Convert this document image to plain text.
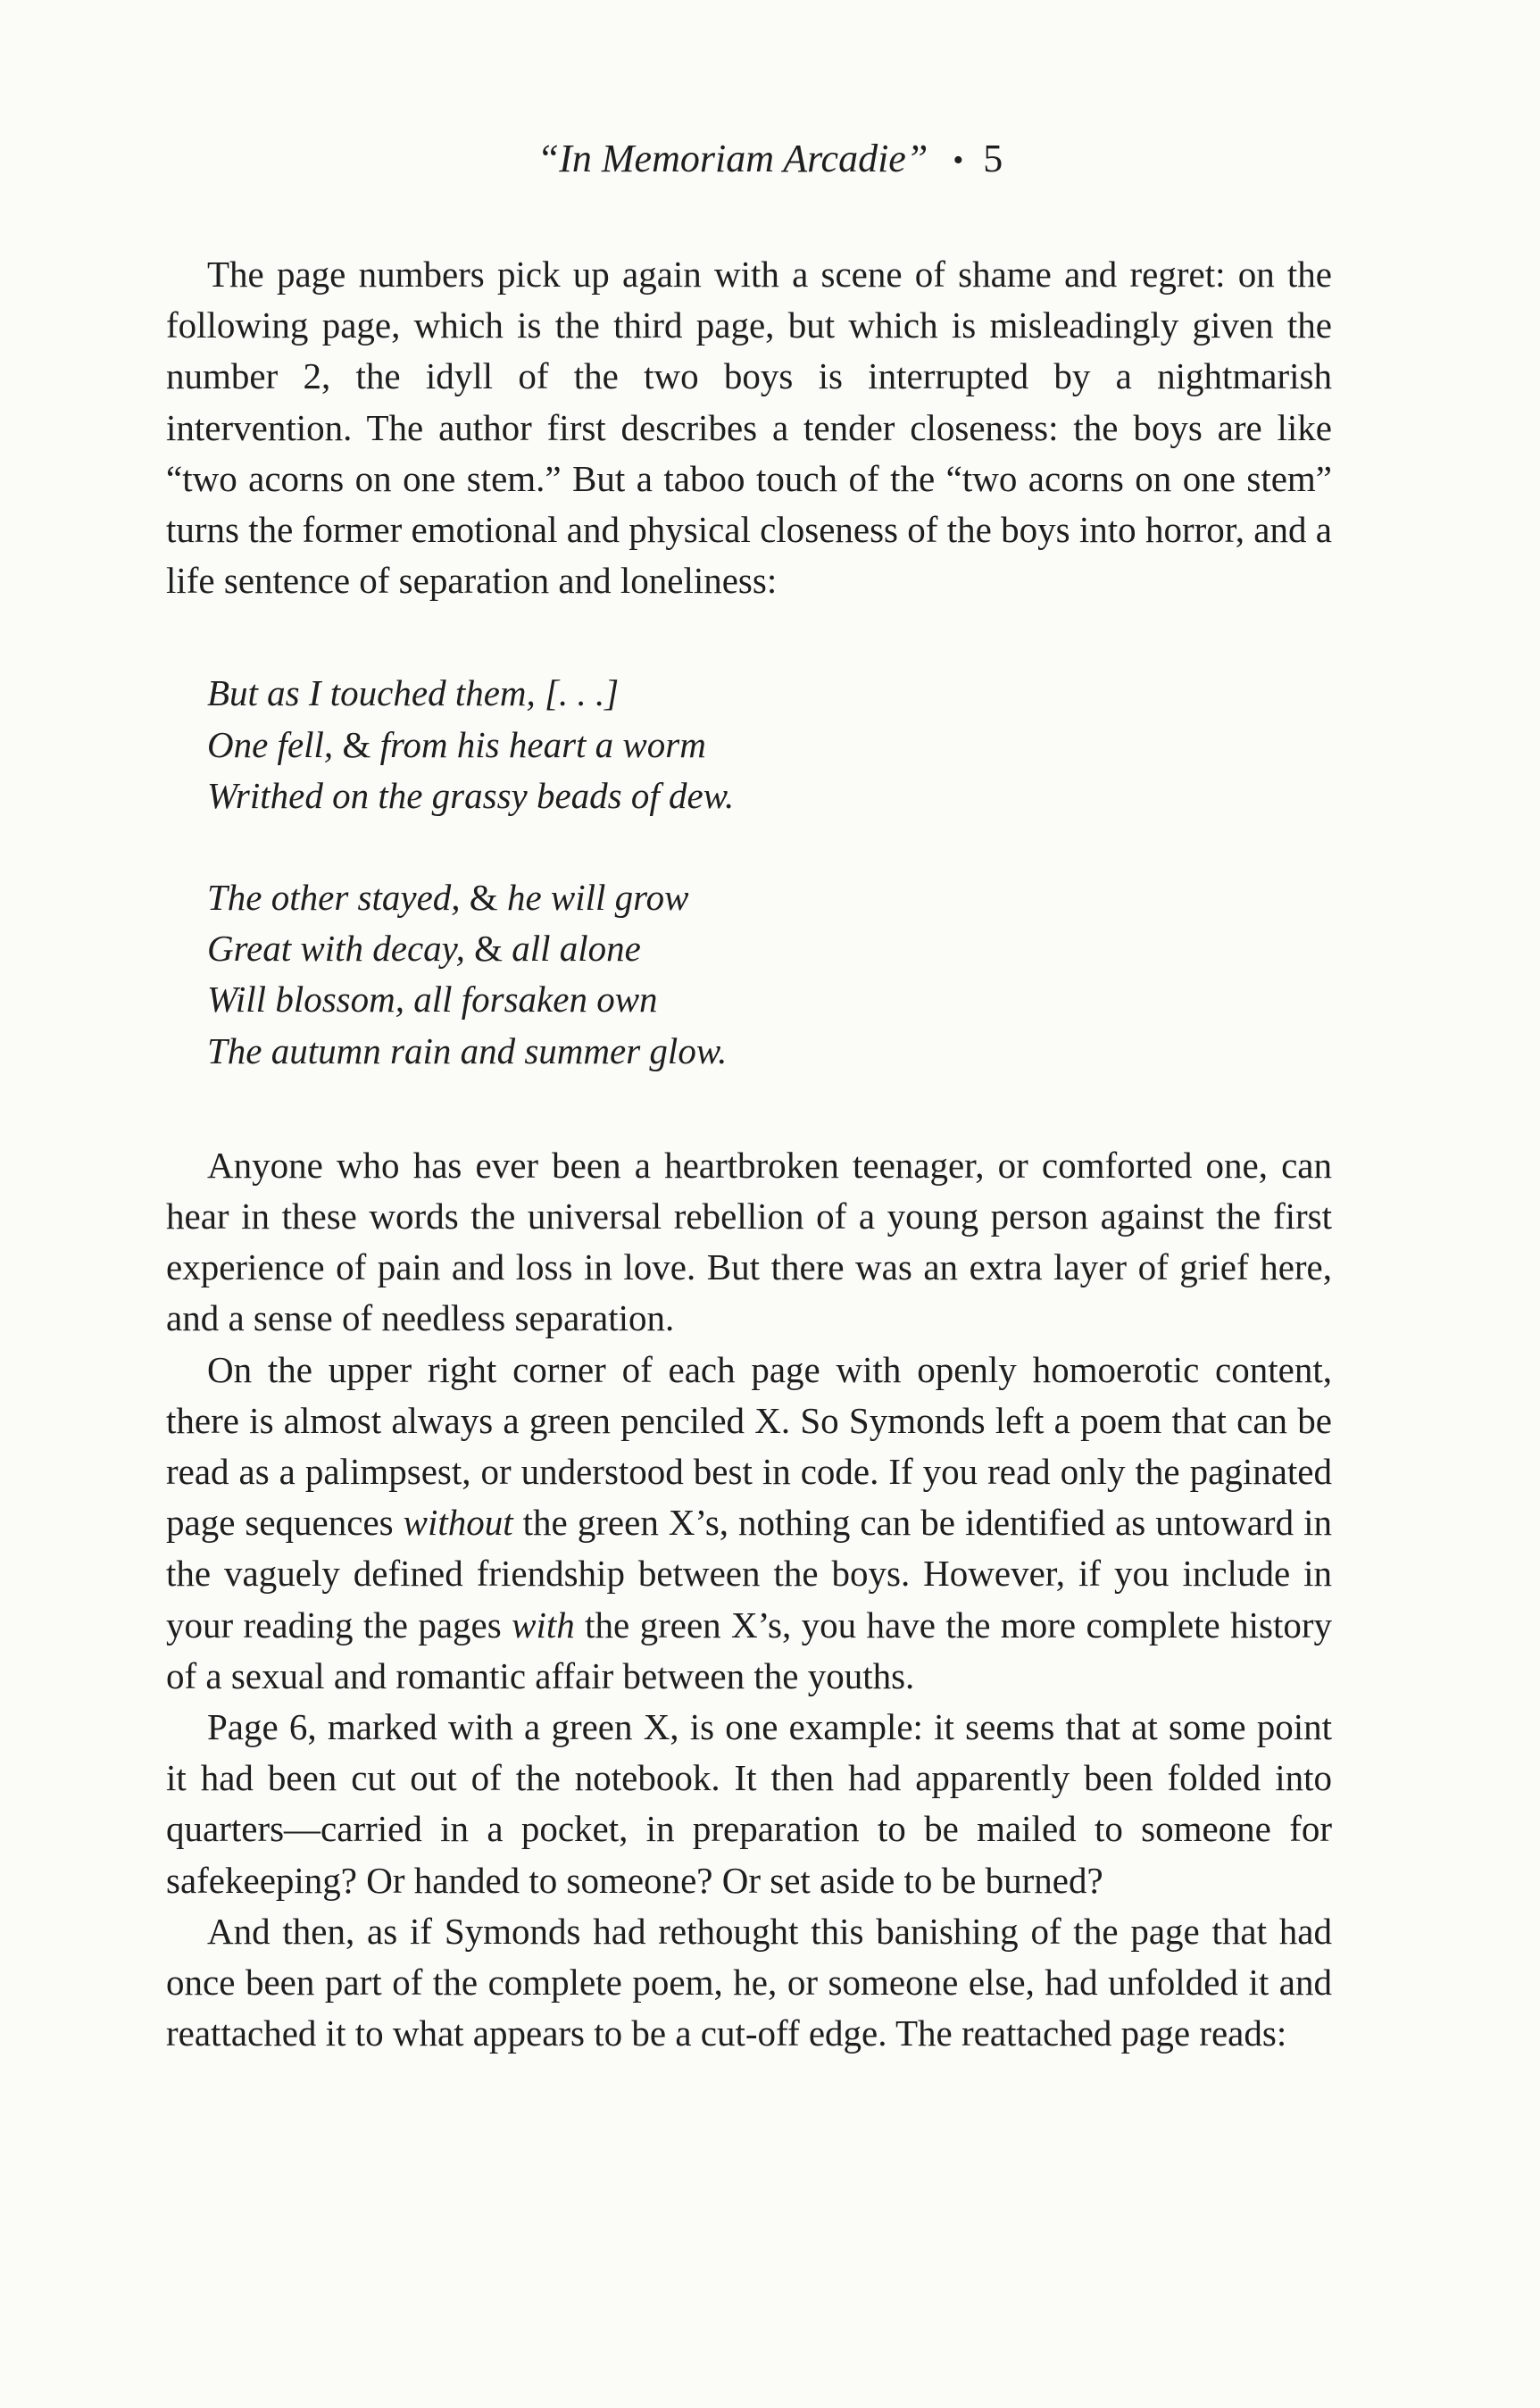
“In Memoriam Arcadie” • 5

The page numbers pick up again with a scene of shame and regret: on the following page, which is the third page, but which is misleadingly given the number 2, the idyll of the two boys is interrupted by a nightmarish intervention. The author first describes a tender closeness: the boys are like “two acorns on one stem.” But a taboo touch of the “two acorns on one stem” turns the former emotional and physical closeness of the boys into horror, and a life sentence of separation and loneliness:

But as I touched them, [. . .]
One fell, & from his heart a worm
Writhed on the grassy beads of dew.
The other stayed, & he will grow
Great with decay, & all alone
Will blossom, all forsaken own
The autumn rain and summer glow.

Anyone who has ever been a heartbroken teenager, or comforted one, can hear in these words the universal rebellion of a young person against the first experience of pain and loss in love. But there was an extra layer of grief here, and a sense of needless separation.

On the upper right corner of each page with openly homoerotic content, there is almost always a green penciled X. So Symonds left a poem that can be read as a palimpsest, or understood best in code. If you read only the paginated page sequences without the green X’s, nothing can be identified as untoward in the vaguely defined friendship between the boys. However, if you include in your reading the pages with the green X’s, you have the more complete history of a sexual and romantic affair between the youths.

Page 6, marked with a green X, is one example: it seems that at some point it had been cut out of the notebook. It then had apparently been folded into quarters—carried in a pocket, in preparation to be mailed to someone for safekeeping? Or handed to someone? Or set aside to be burned?

And then, as if Symonds had rethought this banishing of the page that had once been part of the complete poem, he, or someone else, had unfolded it and reattached it to what appears to be a cut-off edge. The reattached page reads:
